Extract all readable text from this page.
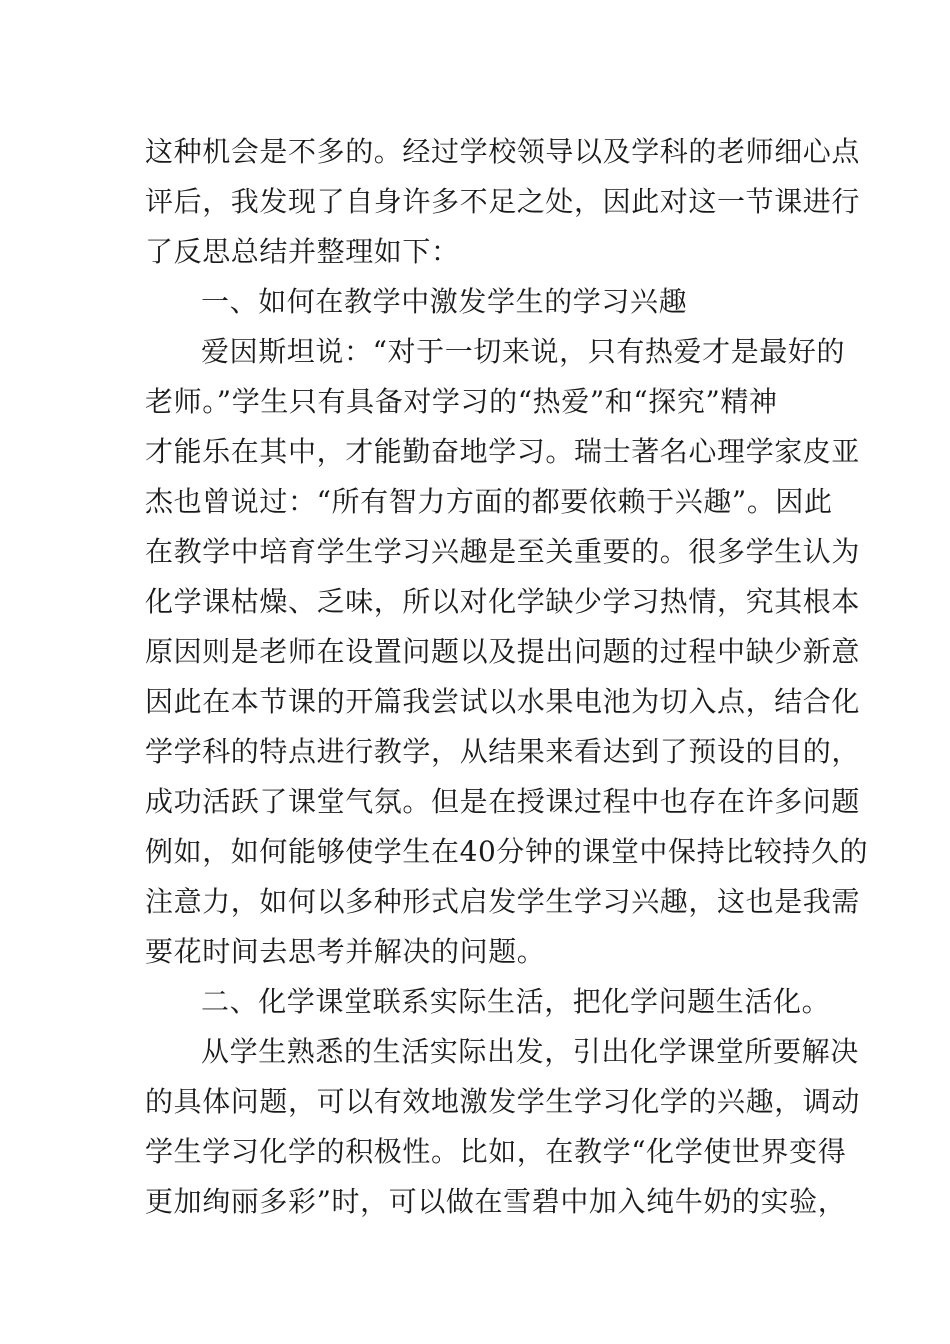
这种机会是不多的。经过学校领导以及学科的老师细心点
评后，我发现了自身许多不足之处，因此对这一节课进行
了反思总结并整理如下：
一、如何在教学中激发学生的学习兴趣
爱因斯坦说：“对于一切来说，只有热爱才是最好的
老师。”学生只有具备对学习的“热爱”和“探究”精神
才能乐在其中，才能勤奋地学习。瑞士著名心理学家皮亚
杰也曾说过：“所有智力方面的都要依赖于兴趣”。因此
在教学中培育学生学习兴趣是至关重要的。很多学生认为
化学课枯燥、乏味，所以对化学缺少学习热情，究其根本
原因则是老师在设置问题以及提出问题的过程中缺少新意
因此在本节课的开篇我尝试以水果电池为切入点，结合化
学学科的特点进行教学，从结果来看达到了预设的目的，
成功活跃了课堂气氛。但是在授课过程中也存在许多问题
例如，如何能够使学生在40分钟的课堂中保持比较持久的
注意力，如何以多种形式启发学生学习兴趣，这也是我需
要花时间去思考并解决的问题。
二、化学课堂联系实际生活，把化学问题生活化。
从学生熟悉的生活实际出发，引出化学课堂所要解决
的具体问题，可以有效地激发学生学习化学的兴趣，调动
学生学习化学的积极性。比如，在教学“化学使世界变得
更加绚丽多彩”时，可以做在雪碧中加入纯牛奶的实验，
